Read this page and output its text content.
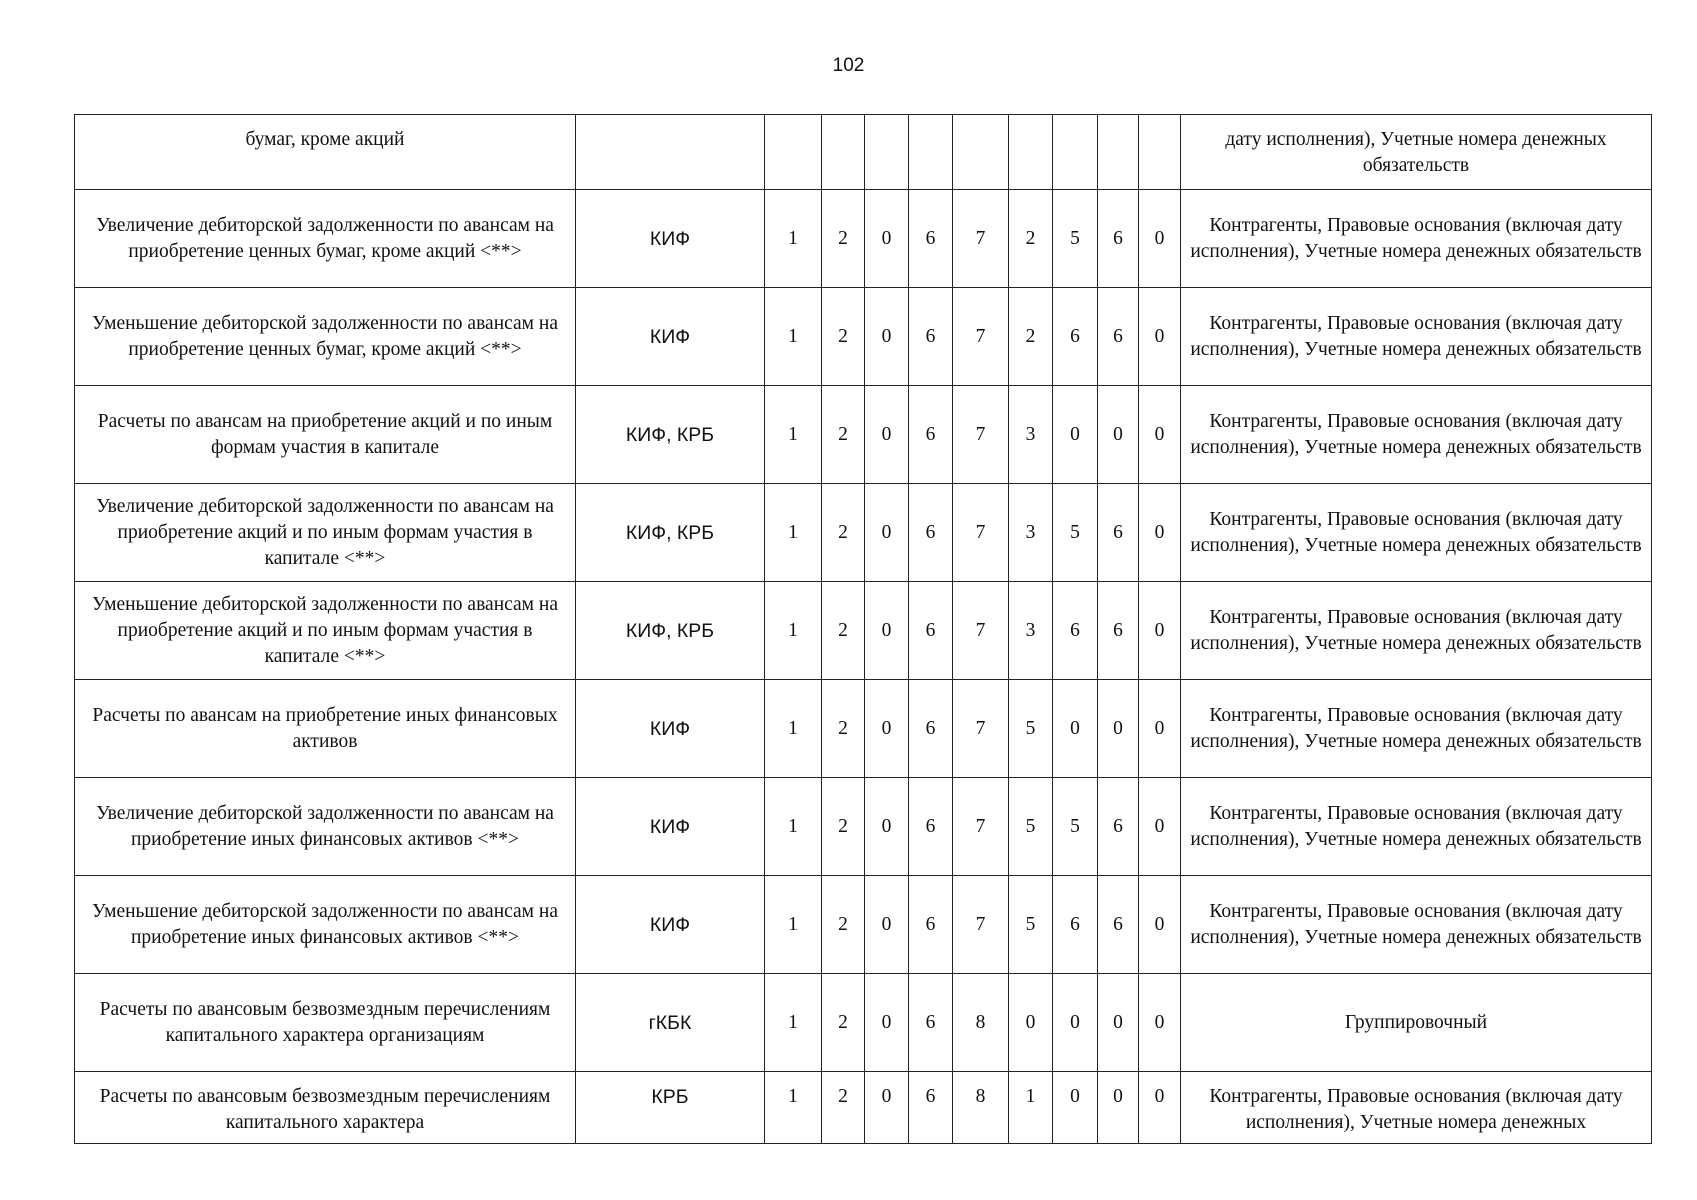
102
бумаг, кроме акций											дату исполнения), Учетные номера денежных обязательств
Увеличение дебиторской задолженности по авансам на приобретение ценных бумаг, кроме акций <**>	КИФ	1	2	0	6	7	2	5	6	0	Контрагенты, Правовые основания (включая дату исполнения), Учетные номера денежных обязательств
Уменьшение дебиторской задолженности по авансам на приобретение ценных бумаг, кроме акций <**>	КИФ	1	2	0	6	7	2	6	6	0	Контрагенты, Правовые основания (включая дату исполнения), Учетные номера денежных обязательств
Расчеты по авансам на приобретение акций и по иным формам участия в капитале	КИФ, КРБ	1	2	0	6	7	3	0	0	0	Контрагенты, Правовые основания (включая дату исполнения), Учетные номера денежных обязательств
Увеличение дебиторской задолженности по авансам на приобретение акций и по иным формам участия в капитале <**>	КИФ, КРБ	1	2	0	6	7	3	5	6	0	Контрагенты, Правовые основания (включая дату исполнения), Учетные номера денежных обязательств
Уменьшение дебиторской задолженности по авансам на приобретение акций и по иным формам участия в капитале <**>	КИФ, КРБ	1	2	0	6	7	3	6	6	0	Контрагенты, Правовые основания (включая дату исполнения), Учетные номера денежных обязательств
Расчеты по авансам на приобретение иных финансовых активов	КИФ	1	2	0	6	7	5	0	0	0	Контрагенты, Правовые основания (включая дату исполнения), Учетные номера денежных обязательств
Увеличение дебиторской задолженности по авансам на приобретение иных финансовых активов <**>	КИФ	1	2	0	6	7	5	5	6	0	Контрагенты, Правовые основания (включая дату исполнения), Учетные номера денежных обязательств
Уменьшение дебиторской задолженности по авансам на приобретение иных финансовых активов <**>	КИФ	1	2	0	6	7	5	6	6	0	Контрагенты, Правовые основания (включая дату исполнения), Учетные номера денежных обязательств
Расчеты по авансовым безвозмездным перечислениям капитального характера организациям	гКБК	1	2	0	6	8	0	0	0	0	Группировочный
Расчеты по авансовым безвозмездным перечислениям капитального характера	КРБ	1	2	0	6	8	1	0	0	0	Контрагенты, Правовые основания (включая дату исполнения), Учетные номера денежных
